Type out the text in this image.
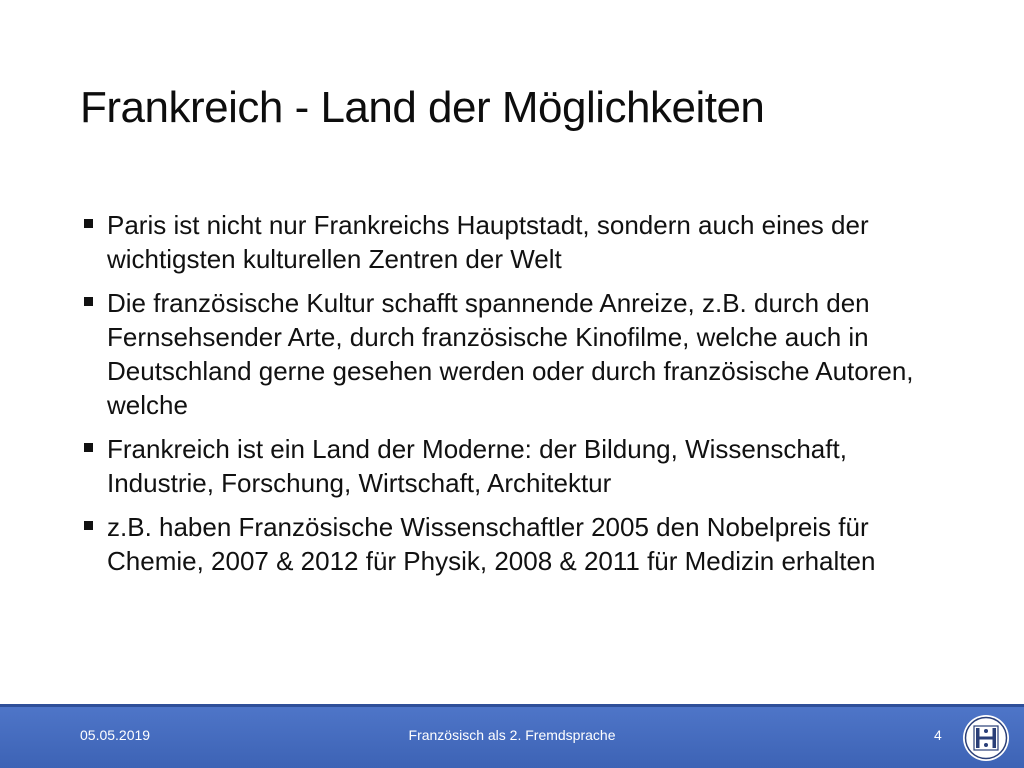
Frankreich - Land der Möglichkeiten
Paris ist nicht nur Frankreichs Hauptstadt, sondern auch eines der wichtigsten kulturellen Zentren der Welt
Die französische Kultur schafft spannende Anreize, z.B. durch den Fernsehsender Arte, durch französische Kinofilme, welche auch in Deutschland gerne gesehen werden oder durch französische Autoren, welche
Frankreich ist ein Land der Moderne: der Bildung, Wissenschaft, Industrie, Forschung, Wirtschaft, Architektur
z.B. haben Französische Wissenschaftler 2005 den Nobelpreis für Chemie, 2007 & 2012 für Physik, 2008 & 2011 für Medizin erhalten
05.05.2019	Französisch als 2. Fremdsprache	4
